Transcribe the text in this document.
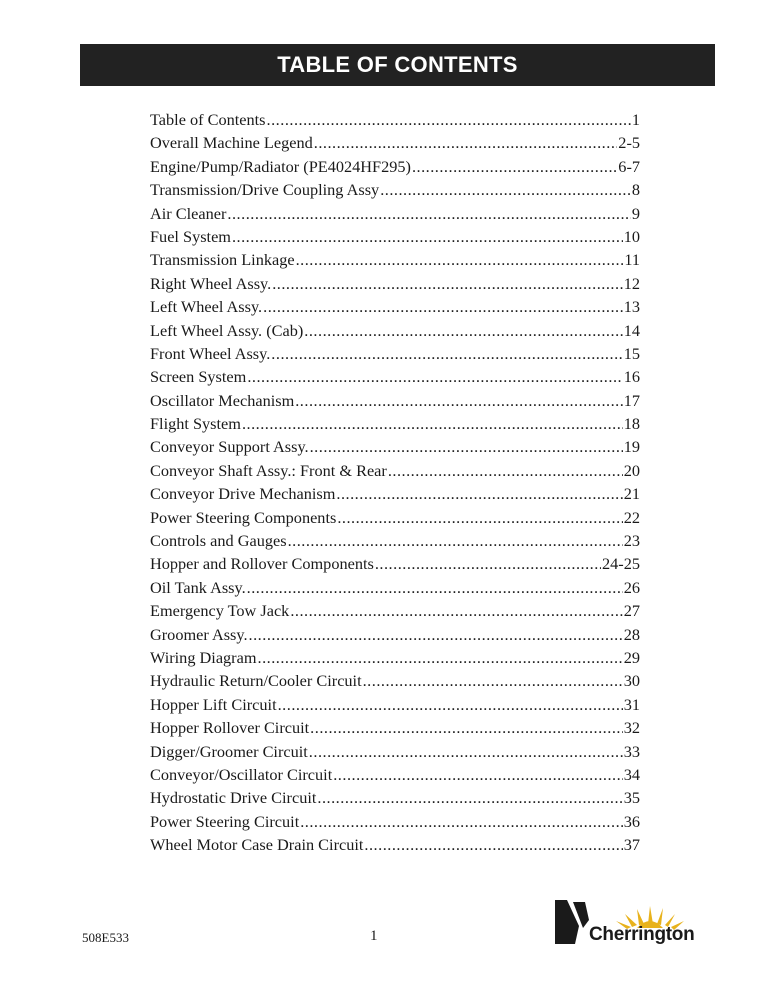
TABLE OF CONTENTS
Table of Contents .....	1
Overall Machine Legend .....	2-5
Engine/Pump/Radiator (PE4024HF295) .....	6-7
Transmission/Drive Coupling Assy .....	8
Air Cleaner .....	9
Fuel System .....	10
Transmission Linkage .....	11
Right Wheel Assy. .....	12
Left Wheel Assy. .....	13
Left Wheel Assy. (Cab) .....	14
Front Wheel Assy. .....	15
Screen System .....	16
Oscillator Mechanism .....	17
Flight System .....	18
Conveyor Support Assy. .....	19
Conveyor Shaft Assy.: Front & Rear .....	20
Conveyor Drive Mechanism .....	21
Power Steering Components .....	22
Controls and Gauges .....	23
Hopper and Rollover Components .....	24-25
Oil Tank Assy. .....	26
Emergency Tow Jack .....	27
Groomer Assy. .....	28
Wiring Diagram .....	29
Hydraulic Return/Cooler Circuit .....	30
Hopper Lift Circuit .....	31
Hopper Rollover Circuit .....	32
Digger/Groomer Circuit .....	33
Conveyor/Oscillator Circuit .....	34
Hydrostatic Drive Circuit .....	35
Power Steering Circuit .....	36
Wheel Motor Case Drain Circuit .....	37
508E533	1	Cherrington
